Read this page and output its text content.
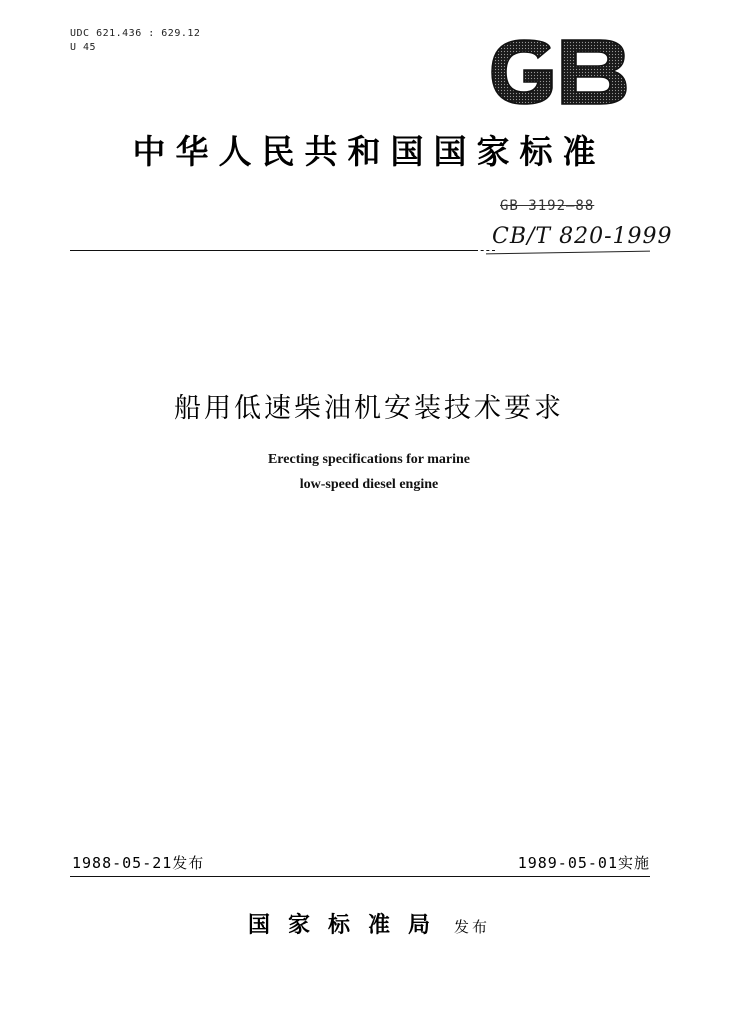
UDC 621.436 : 629.12
U 45
中华人民共和国国家标准
GB 3192—88
CB/T 820-1999
船用低速柴油机安装技术要求
Erecting specifications for marine
low-speed diesel engine
1988-05-21发布	1989-05-01实施
国家标准局 发布
